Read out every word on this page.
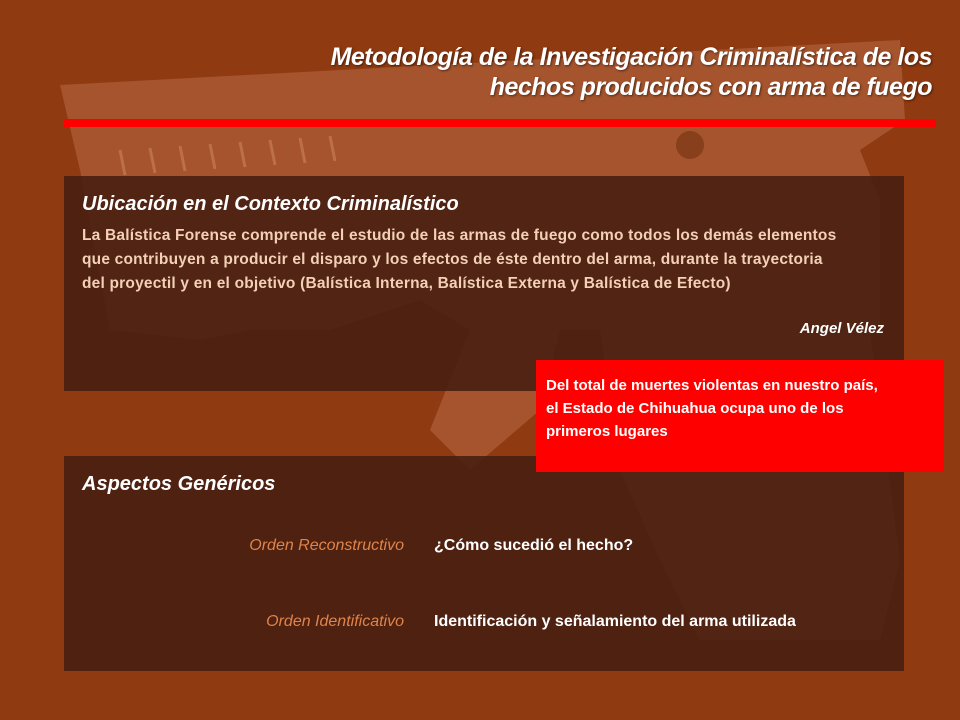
Metodología de la Investigación Criminalística de los
hechos producidos con arma de fuego
Ubicación en el Contexto Criminalístico
La Balística Forense comprende el estudio de las armas de fuego como todos los demás elementos
que contribuyen a producir el disparo y los efectos de éste dentro del arma, durante la trayectoria
del proyectil y en el objetivo (Balística Interna, Balística Externa y Balística de Efecto)
Angel Vélez
Aspectos Genéricos
Orden Reconstructivo ¿Cómo sucedió el hecho?
Orden Identificativo Identificación y señalamiento del arma utilizada
Del total de muertes violentas en nuestro país,
el Estado de Chihuahua ocupa uno de los
primeros lugares
